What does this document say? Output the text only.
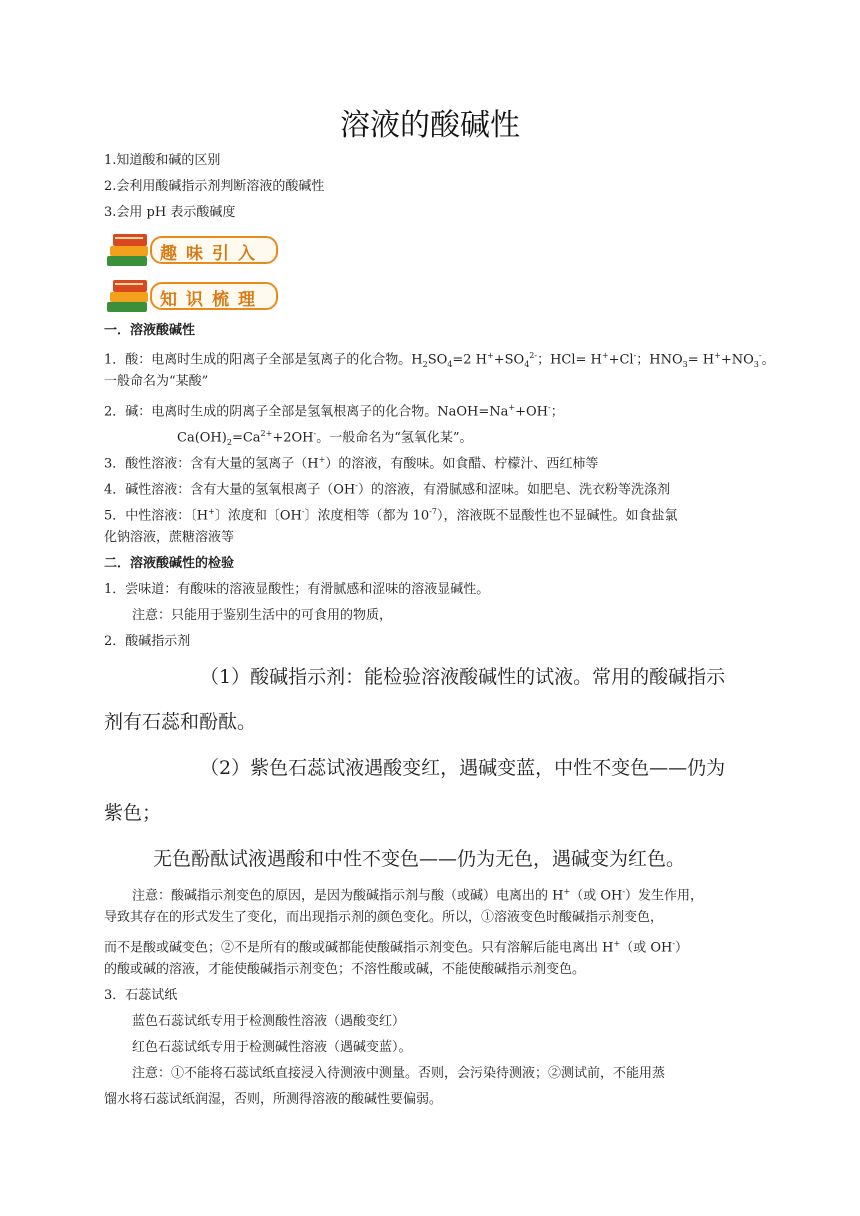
溶液的酸碱性
1.知道酸和碱的区别
2.会利用酸碱指示剂判断溶液的酸碱性
3.会用 pH 表示酸碱度
趣味引入
知识梳理
一．溶液酸碱性
1．酸：电离时生成的阳离子全部是氢离子的化合物。$H_2SO_4=2$ $H^++SO_4^{2-}$；HCl= H++Cl-；$HNO_3= H^++NO_3^-$。
一般命名为“某酸”
2．碱：电离时生成的阴离子全部是氢氧根离子的化合物。NaOH=Na++OH-；
$Ca(OH)_2=Ca^{2+}+2OH^-$。一般命名为“氢氧化某”。
3．酸性溶液：含有大量的氢离子（H+）的溶液，有酸味。如食醋、柠檬汁、西红柿等
4．碱性溶液：含有大量的氢氧根离子（OH-）的溶液，有滑腻感和涩味。如肥皂、洗衣粉等洗涤剂
5．中性溶液：〔H+〕浓度和〔OH-〕浓度相等（都为 $10^{-7}$），溶液既不显酸性也不显碱性。如食盐氯
化钠溶液，蔗糖溶液等
二．溶液酸碱性的检验
1．尝味道：有酸味的溶液显酸性；有滑腻感和涩味的溶液显碱性。
注意：只能用于鉴别生活中的可食用的物质，
2．酸碱指示剂
（1）酸碱指示剂：能检验溶液酸碱性的试液。常用的酸碱指示
剂有石蕊和酚酞。
（2）紫色石蕊试液遇酸变红，遇碱变蓝，中性不变色——仍为
紫色；
无色酚酞试液遇酸和中性不变色——仍为无色，遇碱变为红色。
注意：酸碱指示剂变色的原因，是因为酸碱指示剂与酸（或碱）电离出的 H+（或 OH-）发生作用，
导致其存在的形式发生了变化，而出现指示剂的颜色变化。所以，①溶液变色时酸碱指示剂变色，
而不是酸或碱变色；②不是所有的酸或碱都能使酸碱指示剂变色。只有溶解后能电离出 H+（或 OH-）
的酸或碱的溶液，才能使酸碱指示剂变色；不溶性酸或碱，不能使酸碱指示剂变色。
3．石蕊试纸
蓝色石蕊试纸专用于检测酸性溶液（遇酸变红）
红色石蕊试纸专用于检测碱性溶液（遇碱变蓝）。
注意：①不能将石蕊试纸直接浸入待测液中测量。否则，会污染待测液；②测试前，不能用蒸
馏水将石蕊试纸润湿，否则，所测得溶液的酸碱性要偏弱。
